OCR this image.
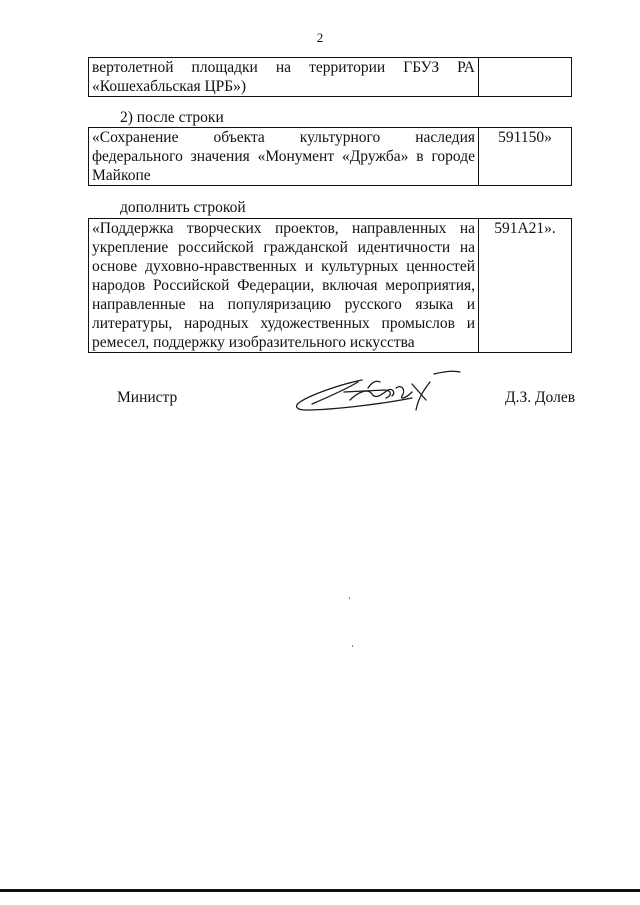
2
вертолетной площадки на территории ГБУЗ РА «Кошехабльская ЦРБ»)	
2) после строки
«Сохранение объекта культурного наследия федерального значения «Монумент «Дружба» в городе Майкопе	591150»
дополнить строкой
«Поддержка творческих проектов, направленных на укрепление российской гражданской идентичности на основе духовно-нравственных и культурных ценностей народов Российской Федерации, включая мероприятия, направленные на популяризацию русского языка и литературы, народных художественных промыслов и ремесел, поддержку изобразительного искусства	591А21».
Министр	Д.З. Долев
